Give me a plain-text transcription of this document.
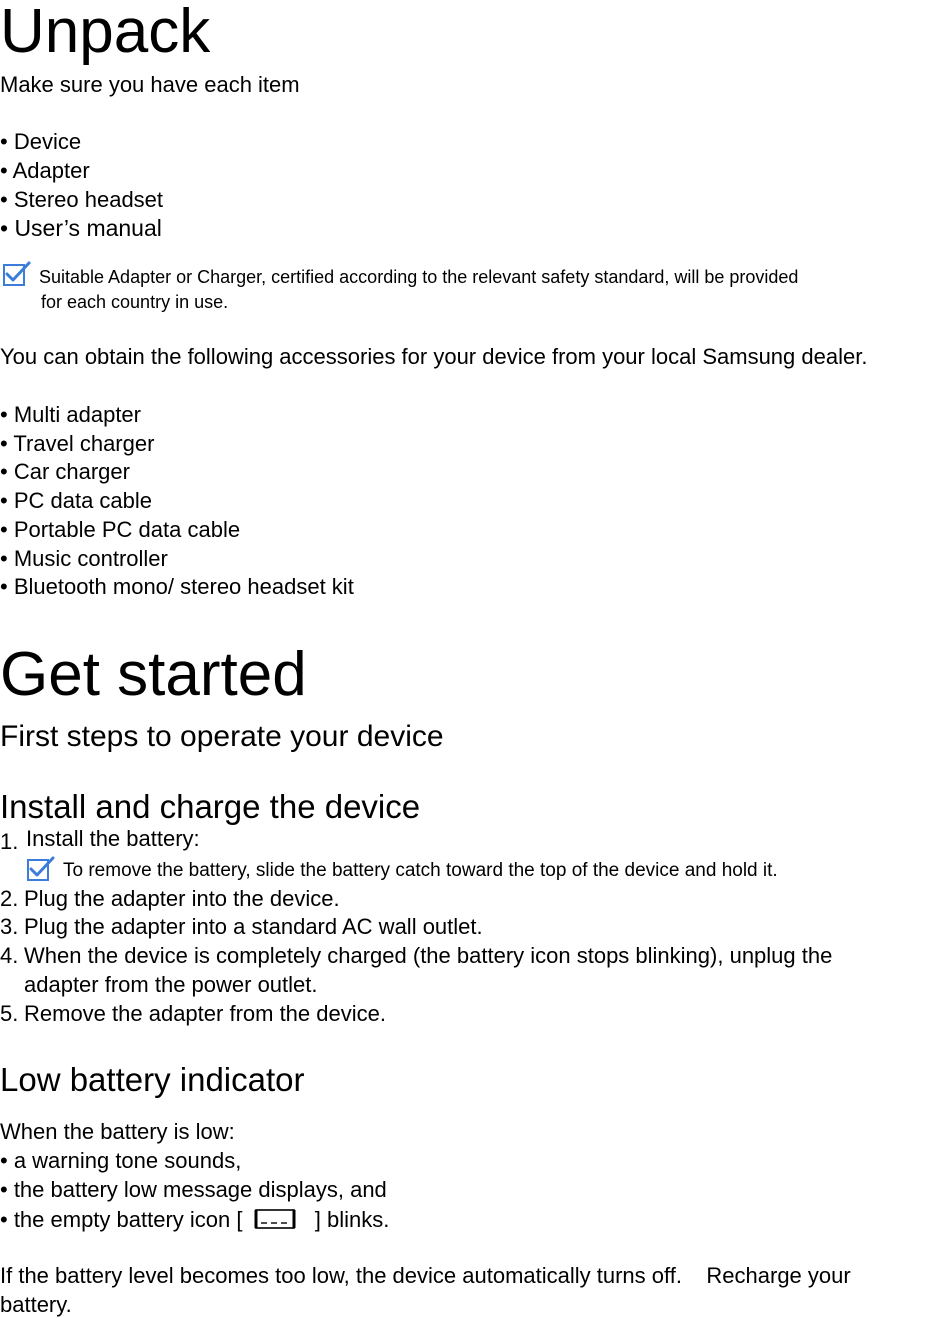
Unpack
Make sure you have each item
• Device
• Adapter
• Stereo headset
• User’s manual
Suitable Adapter or Charger, certified according to the relevant safety standard, will be provided
for each country in use.
You can obtain the following accessories for your device from your local Samsung dealer.
• Multi adapter
• Travel charger
• Car charger
• PC data cable
• Portable PC data cable
• Music controller
• Bluetooth mono/ stereo headset kit
Get started
First steps to operate your device
Install and charge the device
1. Install the battery:
To remove the battery, slide the battery catch toward the top of the device and hold it.
2. Plug the adapter into the device.
3. Plug the adapter into a standard AC wall outlet.
4. When the device is completely charged (the battery icon stops blinking), unplug the
adapter from the power outlet.
5. Remove the adapter from the device.
Low battery indicator
When the battery is low:
• a warning tone sounds,
• the battery low message displays, and
• the empty battery icon [	] blinks.
If the battery level becomes too low, the device automatically turns off.    Recharge your
battery.
